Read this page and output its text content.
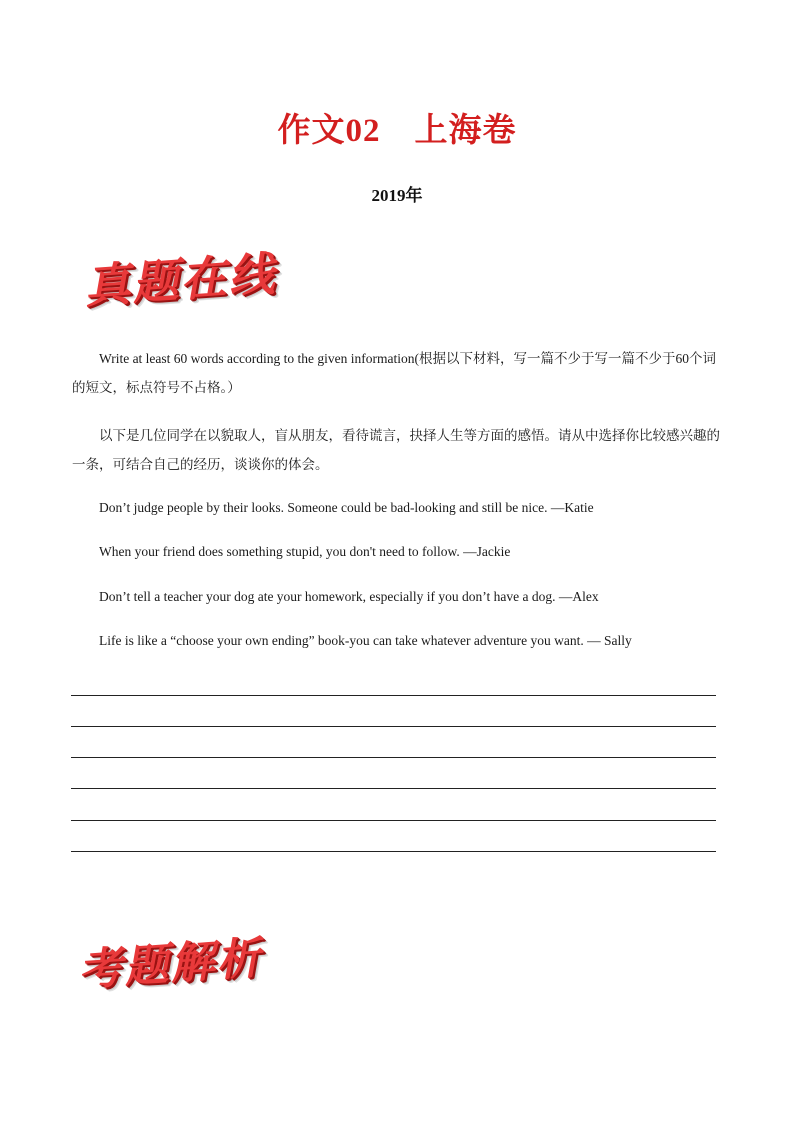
作文02 上海卷
2019年
真题在线
Write at least 60 words according to the given information(根据以下材料，写一篇不少于写一篇不少于60个词的短文，标点符号不占格。）
以下是几位同学在以貌取人，盲从朋友，看待谎言，抉择人生等方面的感悟。请从中选择你比较感兴趣的一条，可结合自己的经历，谈谈你的体会。
Don’t judge people by their looks. Someone could be bad-looking and still be nice. —Katie
When your friend does something stupid, you don't need to follow. —Jackie
Don’t tell a teacher your dog ate your homework, especially if you don’t have a dog. —Alex
Life is like a “choose your own ending” book-you can take whatever adventure you want. — Sally
考题解析
